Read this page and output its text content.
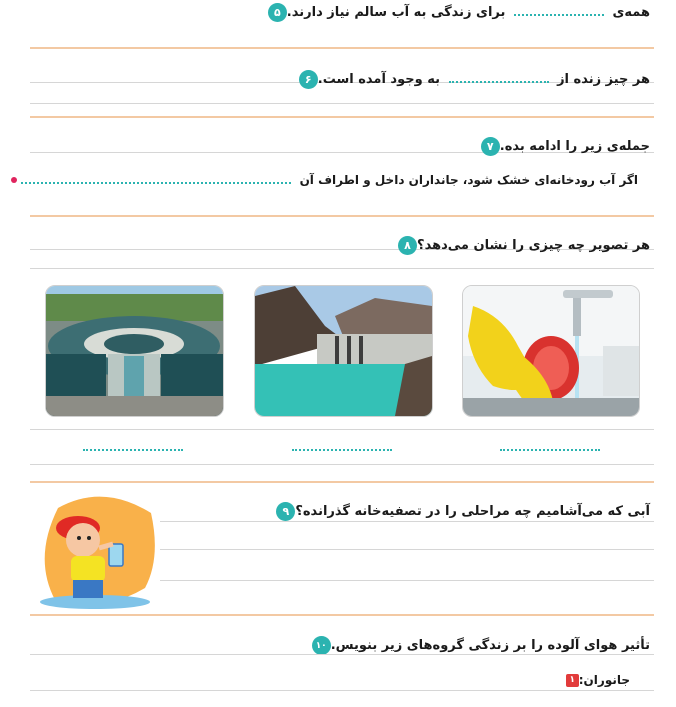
۵	همه‌ی  برای زندگی به آب سالم نیاز دارند.
۶	هر چیز زنده از  به وجود آمده است.
۷ جمله‌ی زیر را ادامه بده.
اگر آب رودخانه‌ای خشک شود، جانداران داخل و اطراف آن
۸ هر تصویر چه چیزی را نشان می‌دهد؟
۹ آبی که می‌آشامیم چه مراحلی را در تصفیه‌خانه گذرانده؟
۱۰ تأثیر هوای آلوده را بر زندگی گروه‌های زیر بنویس.
۱ جانوران:
